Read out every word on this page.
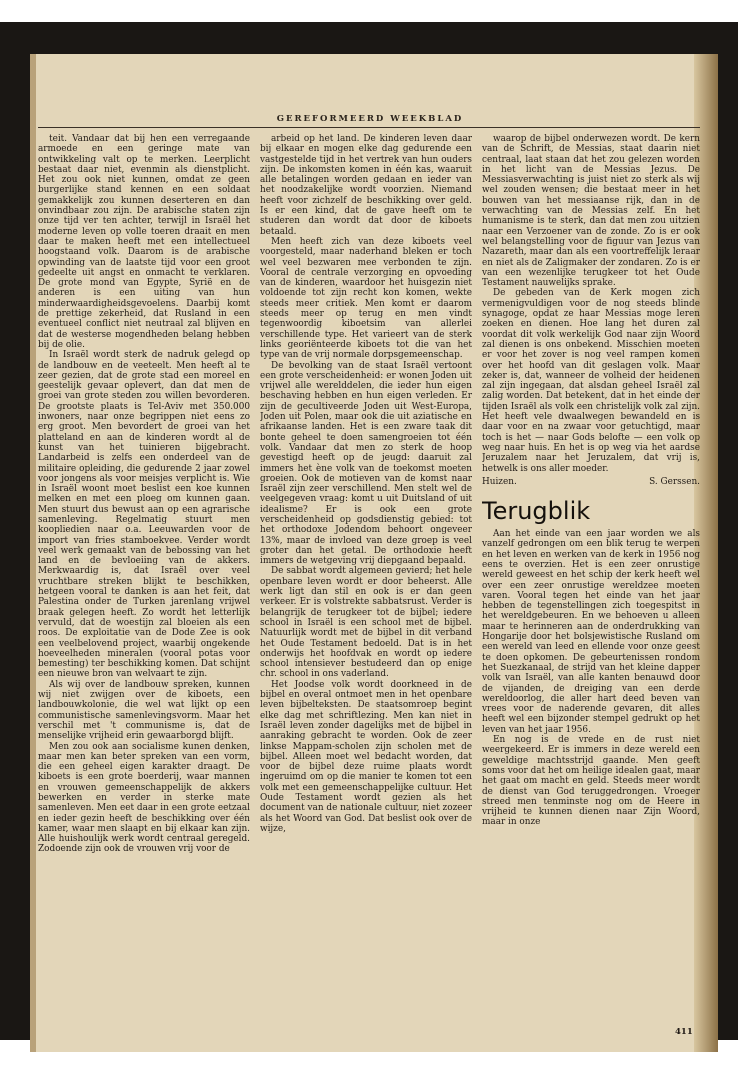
GEREFORMEERD WEEKBLAD

teit. Vandaar dat bij hen een verregaande armoede en een geringe mate van ontwikkeling valt op te merken. Leerplicht bestaat daar niet, evenmin als dienstplicht. Het zou ook niet kunnen, omdat ze geen burgerlijke stand kennen en een soldaat gemakkelijk zou kunnen deserteren en dan onvindbaar zou zijn. De arabische staten zijn onze tijd ver ten achter, terwijl in Israël het moderne leven op volle toeren draait en men daar te maken heeft met een intellectueel hoogstaand volk. Daarom is de arabische opwinding van de laatste tijd voor een groot gedeelte uit angst en onmacht te verklaren. De grote mond van Egypte, Syrië en de anderen is een uiting van hun minderwaardigheidsgevoelens. Daarbij komt de prettige zekerheid, dat Rusland in een eventueel conflict niet neutraal zal blijven en dat de westerse mogendheden belang hebben bij de olie.

In Israël wordt sterk de nadruk gelegd op de landbouw en de veeteelt. Men heeft al te zeer gezien, dat de grote stad een moreel en geestelijk gevaar oplevert, dan dat men de groei van grote steden zou willen bevorderen. De grootste plaats is Tel-Aviv met 350.000 inwoners, naar onze begrippen niet eens zo erg groot. Men bevordert de groei van het platteland en aan de kinderen wordt al de kunst van het tuinieren bijgebracht. Landarbeid is zelfs een onderdeel van de militaire opleiding, die gedurende 2 jaar zowel voor jongens als voor meisjes verplicht is. Wie in Israël woont moet beslist een koe kunnen melken en met een ploeg om kunnen gaan. Men stuurt dus bewust aan op een agrarische samenleving. Regelmatig stuurt men koopliedien naar o.a. Leeuwarden voor de import van fries stamboekvee. Verder wordt veel werk gemaakt van de bebossing van het land en de bevloeiing van de akkers. Merkwaardig is, dat Israël over veel vruchtbare streken blijkt te beschikken, hetgeen vooral te danken is aan het feit, dat Palestina onder de Turken jarenlang vrijwel braak gelegen heeft. Zo wordt het letterlijk vervuld, dat de woestijn zal bloeien als een roos. De exploitatie van de Dode Zee is ook een veelbelovend project, waarbij ongekende hoeveelheden mineralen (vooral potas voor bemesting) ter beschikking komen. Dat schijnt een nieuwe bron van welvaart te zijn.

Als wij over de landbouw spreken, kunnen wij niet zwijgen over de kiboets, een landbouwkolonie, die wel wat lijkt op een communistische samenlevingsvorm. Maar het verschil met 't communisme is, dat de menselijke vrijheid erin gewaarborgd blijft.

Men zou ook aan socialisme kunen denken, maar men kan beter spreken van een vorm, die een geheel eigen karakter draagt. De kiboets is een grote boerderij, waar mannen en vrouwen gemeenschappelijk de akkers bewerken en verder in sterke mate samenleven. Men eet daar in een grote eetzaal en ieder gezin heeft de beschikking over één kamer, waar men slaapt en bij elkaar kan zijn. Alle huishoulijk werk wordt centraal geregeld. Zodoende zijn ook de vrouwen vrij voor de

arbeid op het land. De kinderen leven daar bij elkaar en mogen elke dag gedurende een vastgestelde tijd in het vertrek van hun ouders zijn. De inkomsten komen in één kas, waaruit alle betalingen worden gedaan en ieder van het noodzakelijke wordt voorzien. Niemand heeft voor zichzelf de beschikking over geld. Is er een kind, dat de gave heeft om te studeren dan wordt dat door de kiboets betaald.

Men heeft zich van deze kiboets veel voorgesteld, maar naderhand bleken er toch wel veel bezwaren mee verbonden te zijn. Vooral de centrale verzorging en opvoeding van de kinderen, waardoor het huisgezin niet voldoende tot zijn recht kon komen, wekte steeds meer critiek. Men komt er daarom steeds meer op terug en men vindt tegenwoordig kiboetsim van allerlei verschillende type. Het varieert van de sterk links georiënteerde kiboets tot die van het type van de vrij normale dorpsgemeenschap.

De bevolking van de staat Israël vertoont een grote verscheidenheid: er wonen Joden uit vrijwel alle werelddelen, die ieder hun eigen beschaving hebben en hun eigen verleden. Er zijn de gecultiveerde Joden uit West-Europa, Joden uit Polen, maar ook die uit aziatische en afrikaanse landen. Het is een zware taak dit bonte geheel te doen samengroeien tot één volk. Vandaar dat men zo sterk de hoop gevestigd heeft op de jeugd: daaruit zal immers het ène volk van de toekomst moeten groeien. Ook de motieven van de komst naar Israël zijn zeer verschillend. Men stelt wel de veelgegeven vraag: komt u uit Duitsland of uit idealisme? Er is ook een grote verscheidenheid op godsdienstig gebied: tot het orthodoxe Jodendom behoort ongeveer 13%, maar de invloed van deze groep is veel groter dan het getal. De orthodoxie heeft immers de wetgeving vrij diepgaand bepaald.

De sabbat wordt algemeen gevierd; het hele openbare leven wordt er door beheerst. Alle werk ligt dan stil en ook is er dan geen verkeer. Er is volstrekte sabbatsrust. Verder is belangrijk de terugkeer tot de bijbel; iedere school in Israël is een school met de bijbel. Natuurlijk wordt met de bijbel in dit verband het Oude Testament bedoeld. Dat is in het onderwijs het hoofdvak en wordt op iedere school intensiever bestudeerd dan op enige chr. school in ons vaderland.

Het Joodse volk wordt doorkneed in de bijbel en overal ontmoet men in het openbare leven bijbelteksten. De staatsomroep begint elke dag met schriftlezing. Men kan niet in Israël leven zonder dagelijks met de bijbel in aanraking gebracht te worden. Ook de zeer linkse Mappam-scholen zijn scholen met de bijbel. Alleen moet wel bedacht worden, dat voor de bijbel deze ruime plaats wordt ingeruimd om op die manier te komen tot een volk met een gemeenschappelijke cultuur. Het Oude Testament wordt gezien als het document van de nationale cultuur, niet zozeer als het Woord van God. Dat beslist ook over de wijze,

waarop de bijbel onderwezen wordt. De kern van de Schrift, de Messias, staat daarin niet centraal, laat staan dat het zou gelezen worden in het licht van de Messias Jezus. De Messiasverwachting is juist niet zo sterk als wij wel zouden wensen; die bestaat meer in het bouwen van het messiaanse rijk, dan in de verwachting van de Messias zelf. En het humanisme is te sterk, dan dat men zou uitzien naar een Verzoener van de zonde. Zo is er ook wel belangstelling voor de figuur van Jezus van Nazareth, maar dan als een voortreffelijk leraar en niet als de Zaligmaker der zondaren. Zo is er van een wezenlijke terugkeer tot het Oude Testament nauwelijks sprake.

De gebeden van de Kerk mogen zich vermenigvuldigen voor de nog steeds blinde synagoge, opdat ze haar Messias moge leren zoeken en dienen. Hoe lang het duren zal voordat dit volk werkelijk God naar zijn Woord zal dienen is ons onbekend. Misschien moeten er voor het zover is nog veel rampen komen over het hoofd van dit geslagen volk. Maar zeker is, dat, wanneer de volheid der heidenen zal zijn ingegaan, dat alsdan geheel Israël zal zalig worden. Dat betekent, dat in het einde der tijden Israël als volk een christelijk volk zal zijn. Het heeft vele dwaalwegen bewandeld en is daar voor en na zwaar voor getuchtigd, maar toch is het — naar Gods belofte — een volk op weg naar huis. En het is op weg via het aardse Jeruzalem naar het Jeruzalem, dat vrij is, hetwelk is ons aller moeder.

Huizen.	S. Gerssen.
Terugblik

Aan het einde van een jaar worden we als vanzelf gedrongen om een blik terug te werpen en het leven en werken van de kerk in 1956 nog eens te overzien. Het is een zeer onrustige wereld geweest en het schip der kerk heeft wel over een zeer onrustige wereldzee moeten varen. Vooral tegen het einde van het jaar hebben de tegenstellingen zich toegespitst in het wereldgebeuren. En we behoeven u alleen maar te herinneren aan de onderdrukking van Hongarije door het bolsjewistische Rusland om een wereld van leed en ellende voor onze geest te doen opkomen. De gebeurtenissen rondom het Suezkanaal, de strijd van het kleine dapper volk van Israël, van alle kanten benauwd door de vijanden, de dreiging van een derde wereldoorlog, die aller hart deed beven van vrees voor de naderende gevaren, dit alles heeft wel een bijzonder stempel gedrukt op het leven van het jaar 1956.

En nog is de vrede en de rust niet weergekeerd. Er is immers in deze wereld een geweldige machtsstrijd gaande. Men geeft soms voor dat het om heilige idealen gaat, maar het gaat om macht en geld. Steeds meer wordt de dienst van God teruggedrongen. Vroeger streed men tenminste nog om de Heere in vrijheid te kunnen dienen naar Zijn Woord, maar in onze

411
